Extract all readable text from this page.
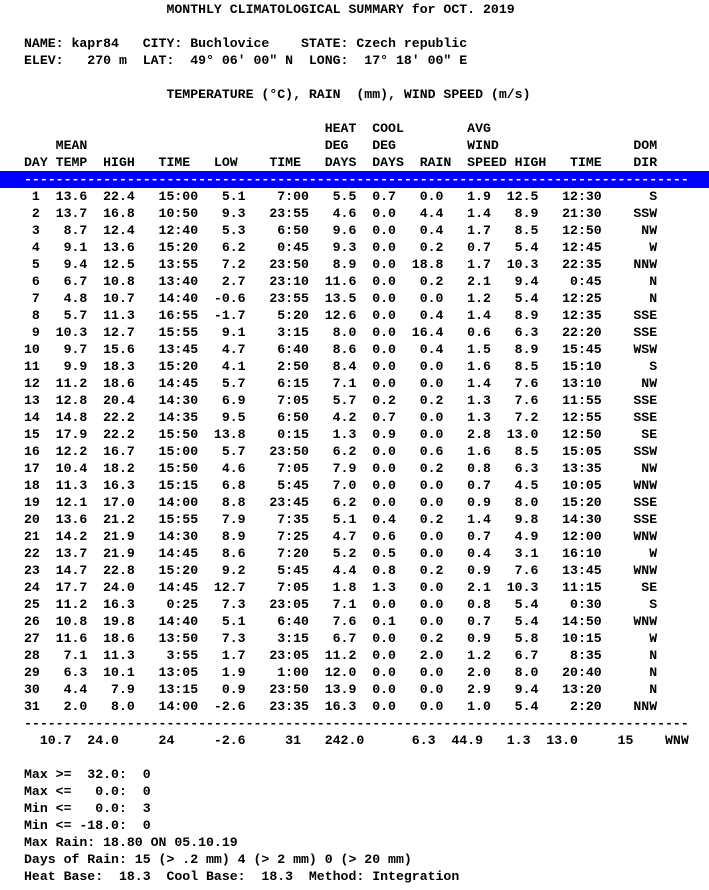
MONTHLY CLIMATOLOGICAL SUMMARY for OCT. 2019
NAME: kapr84   CITY: Buchlovice    STATE: Czech republic
ELEV:   270 m  LAT:  49° 06' 00" N  LONG:  17° 18' 00" E
TEMPERATURE (°C), RAIN  (mm), WIND SPEED (m/s)
HEAT  COOL        AVG
MEAN                              DEG   DEG         WIND                 DOM
DAY TEMP  HIGH   TIME   LOW    TIME   DAYS  DAYS  RAIN  SPEED HIGH   TIME    DIR
------------------------------------------------------------------------------------
1  13.6  22.4   15:00   5.1    7:00   5.5  0.7   0.0   1.9  12.5   12:30      S
2  13.7  16.8   10:50   9.3   23:55   4.6  0.0   4.4   1.4   8.9   21:30    SSW
3   8.7  12.4   12:40   5.3    6:50   9.6  0.0   0.4   1.7   8.5   12:50     NW
4   9.1  13.6   15:20   6.2    0:45   9.3  0.0   0.2   0.7   5.4   12:45      W
5   9.4  12.5   13:55   7.2   23:50   8.9  0.0  18.8   1.7  10.3   22:35    NNW
6   6.7  10.8   13:40   2.7   23:10  11.6  0.0   0.2   2.1   9.4    0:45      N
7   4.8  10.7   14:40  -0.6   23:55  13.5  0.0   0.0   1.2   5.4   12:25      N
8   5.7  11.3   16:55  -1.7    5:20  12.6  0.0   0.4   1.4   8.9   12:35    SSE
9  10.3  12.7   15:55   9.1    3:15   8.0  0.0  16.4   0.6   6.3   22:20    SSE
10   9.7  15.6   13:45   4.7    6:40   8.6  0.0   0.4   1.5   8.9   15:45    WSW
11   9.9  18.3   15:20   4.1    2:50   8.4  0.0   0.0   1.6   8.5   15:10      S
12  11.2  18.6   14:45   5.7    6:15   7.1  0.0   0.0   1.4   7.6   13:10     NW
13  12.8  20.4   14:30   6.9    7:05   5.7  0.2   0.2   1.3   7.6   11:55    SSE
14  14.8  22.2   14:35   9.5    6:50   4.2  0.7   0.0   1.3   7.2   12:55    SSE
15  17.9  22.2   15:50  13.8    0:15   1.3  0.9   0.0   2.8  13.0   12:50     SE
16  12.2  16.7   15:00   5.7   23:50   6.2  0.0   0.6   1.6   8.5   15:05    SSW
17  10.4  18.2   15:50   4.6    7:05   7.9  0.0   0.2   0.8   6.3   13:35     NW
18  11.3  16.3   15:15   6.8    5:45   7.0  0.0   0.0   0.7   4.5   10:05    WNW
19  12.1  17.0   14:00   8.8   23:45   6.2  0.0   0.0   0.9   8.0   15:20    SSE
20  13.6  21.2   15:55   7.9    7:35   5.1  0.4   0.2   1.4   9.8   14:30    SSE
21  14.2  21.9   14:30   8.9    7:25   4.7  0.6   0.0   0.7   4.9   12:00    WNW
22  13.7  21.9   14:45   8.6    7:20   5.2  0.5   0.0   0.4   3.1   16:10      W
23  14.7  22.8   15:20   9.2    5:45   4.4  0.8   0.2   0.9   7.6   13:45    WNW
24  17.7  24.0   14:45  12.7    7:05   1.8  1.3   0.0   2.1  10.3   11:15     SE
25  11.2  16.3    0:25   7.3   23:05   7.1  0.0   0.0   0.8   5.4    0:30      S
26  10.8  19.8   14:40   5.1    6:40   7.6  0.1   0.0   0.7   5.4   14:50    WNW
27  11.6  18.6   13:50   7.3    3:15   6.7  0.0   0.2   0.9   5.8   10:15      W
28   7.1  11.3    3:55   1.7   23:05  11.2  0.0   2.0   1.2   6.7    8:35      N
29   6.3  10.1   13:05   1.9    1:00  12.0  0.0   0.0   2.0   8.0   20:40      N
30   4.4   7.9   13:15   0.9   23:50  13.9  0.0   0.0   2.9   9.4   13:20      N
31   2.0   8.0   14:00  -2.6   23:35  16.3  0.0   0.0   1.0   5.4    2:20    NNW
------------------------------------------------------------------------------------
10.7  24.0     24     -2.6     31   242.0      6.3  44.9   1.3  13.0     15    WNW
Max >=  32.0:  0
Max <=   0.0:  0
Min <=   0.0:  3
Min <= -18.0:  0
Max Rain: 18.80 ON 05.10.19
Days of Rain: 15 (> .2 mm) 4 (> 2 mm) 0 (> 20 mm)
Heat Base:  18.3  Cool Base:  18.3  Method: Integration
